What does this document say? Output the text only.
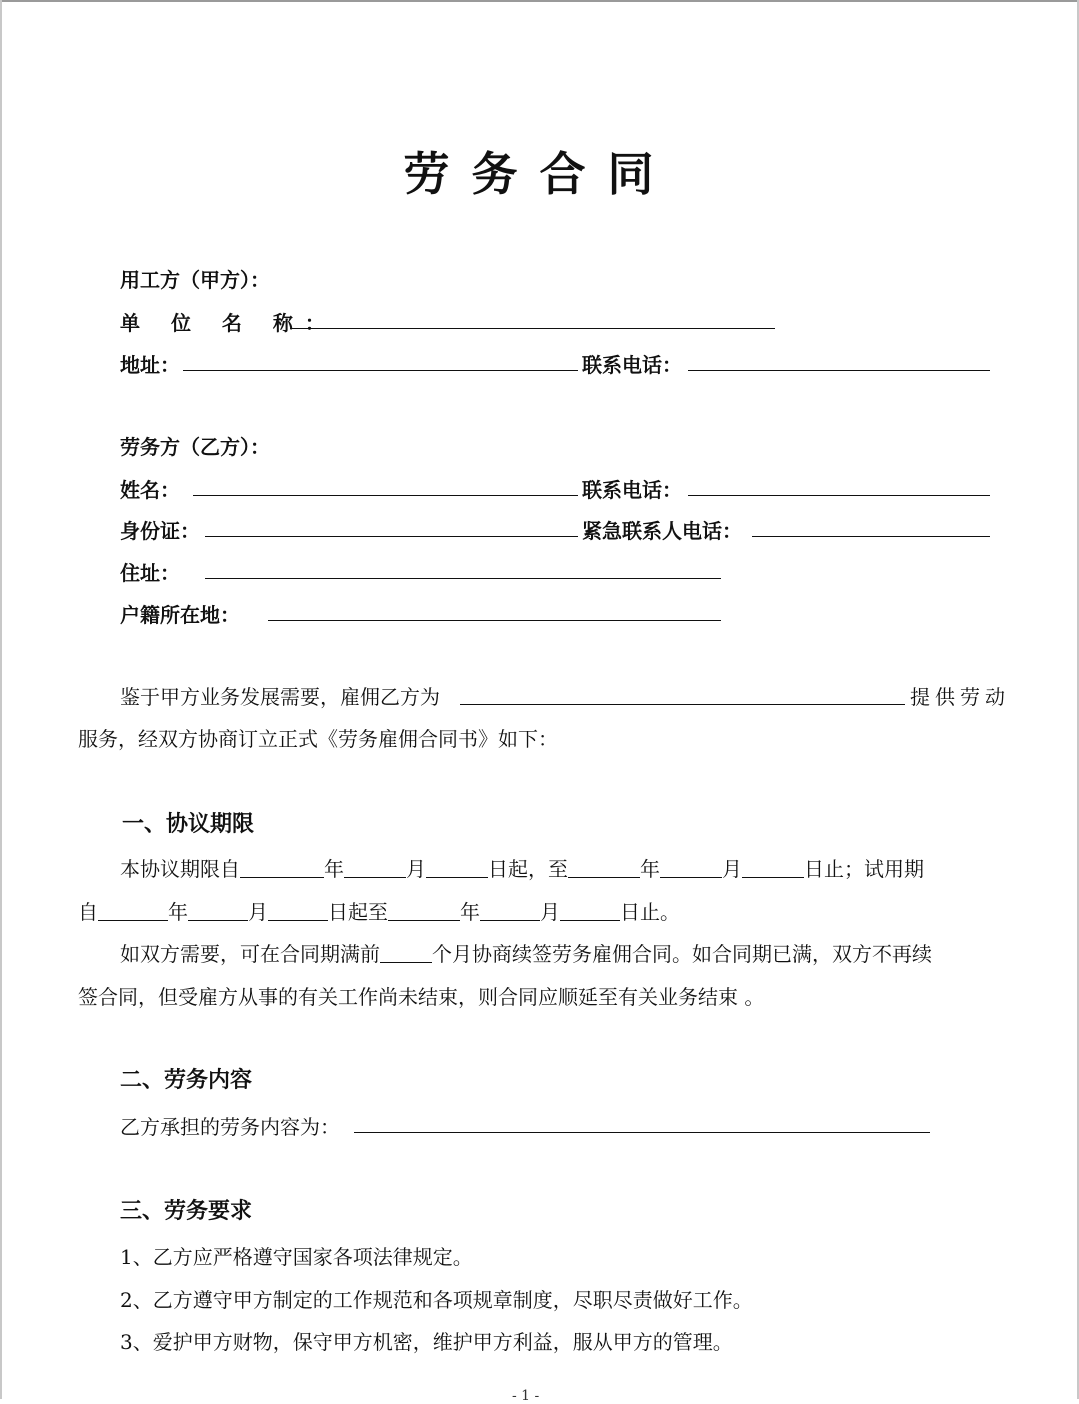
劳务合同
用工方（甲方）：
单 位 名 称：
地址：	联系电话：
劳务方（乙方）：
姓名：	联系电话：
身份证：	紧急联系人电话：
住址：
户籍所在地：
鉴于甲方业务发展需要，雇佣乙方为	提供劳动
服务，经双方协商订立正式《劳务雇佣合同书》如下：
一、协议期限
本协议期限自	年	月	日起，至	年	月	日止；试用期
自	年	月	日起至	年	月	日止。
如双方需要，可在合同期满前	个月协商续签劳务雇佣合同。如合同期已满，双方不再续
签合同，但受雇方从事的有关工作尚未结束，则合同应顺延至有关业务结束 。
二、劳务内容
乙方承担的劳务内容为：
三、劳务要求
1、乙方应严格遵守国家各项法律规定。
2、乙方遵守甲方制定的工作规范和各项规章制度，尽职尽责做好工作。
3、爱护甲方财物，保守甲方机密，维护甲方利益，服从甲方的管理。
- 1 -
